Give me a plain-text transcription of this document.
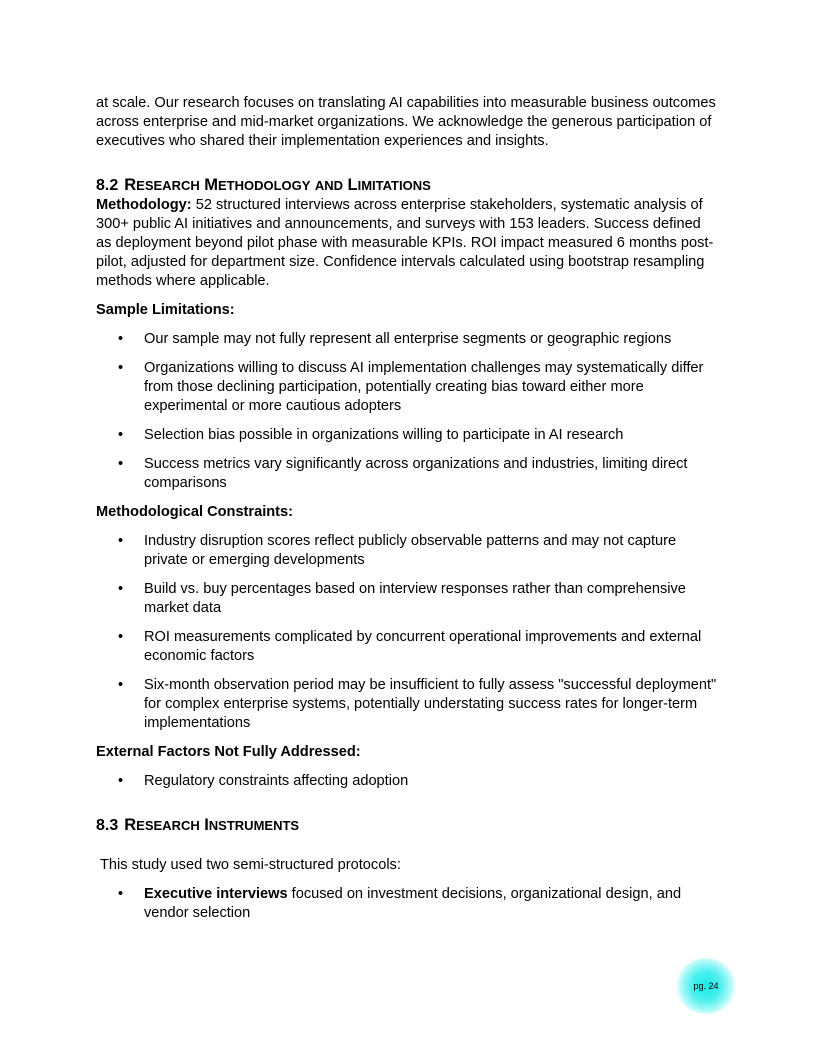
at scale. Our research focuses on translating AI capabilities into measurable business outcomes across enterprise and mid-market organizations. We acknowledge the generous participation of executives who shared their implementation experiences and insights.

8.2 RESEARCH METHODOLOGY AND LIMITATIONS

Methodology: 52 structured interviews across enterprise stakeholders, systematic analysis of 300+ public AI initiatives and announcements, and surveys with 153 leaders. Success defined as deployment beyond pilot phase with measurable KPIs. ROI impact measured 6 months post-pilot, adjusted for department size. Confidence intervals calculated using bootstrap resampling methods where applicable.

Sample Limitations:

• Our sample may not fully represent all enterprise segments or geographic regions
• Organizations willing to discuss AI implementation challenges may systematically differ from those declining participation, potentially creating bias toward either more experimental or more cautious adopters
• Selection bias possible in organizations willing to participate in AI research
• Success metrics vary significantly across organizations and industries, limiting direct comparisons

Methodological Constraints:

• Industry disruption scores reflect publicly observable patterns and may not capture private or emerging developments
• Build vs. buy percentages based on interview responses rather than comprehensive market data
• ROI measurements complicated by concurrent operational improvements and external economic factors
• Six-month observation period may be insufficient to fully assess "successful deployment" for complex enterprise systems, potentially understating success rates for longer-term implementations

External Factors Not Fully Addressed:

• Regulatory constraints affecting adoption
8.3 RESEARCH INSTRUMENTS

This study used two semi-structured protocols:

• Executive interviews focused on investment decisions, organizational design, and vendor selection
pg. 24
